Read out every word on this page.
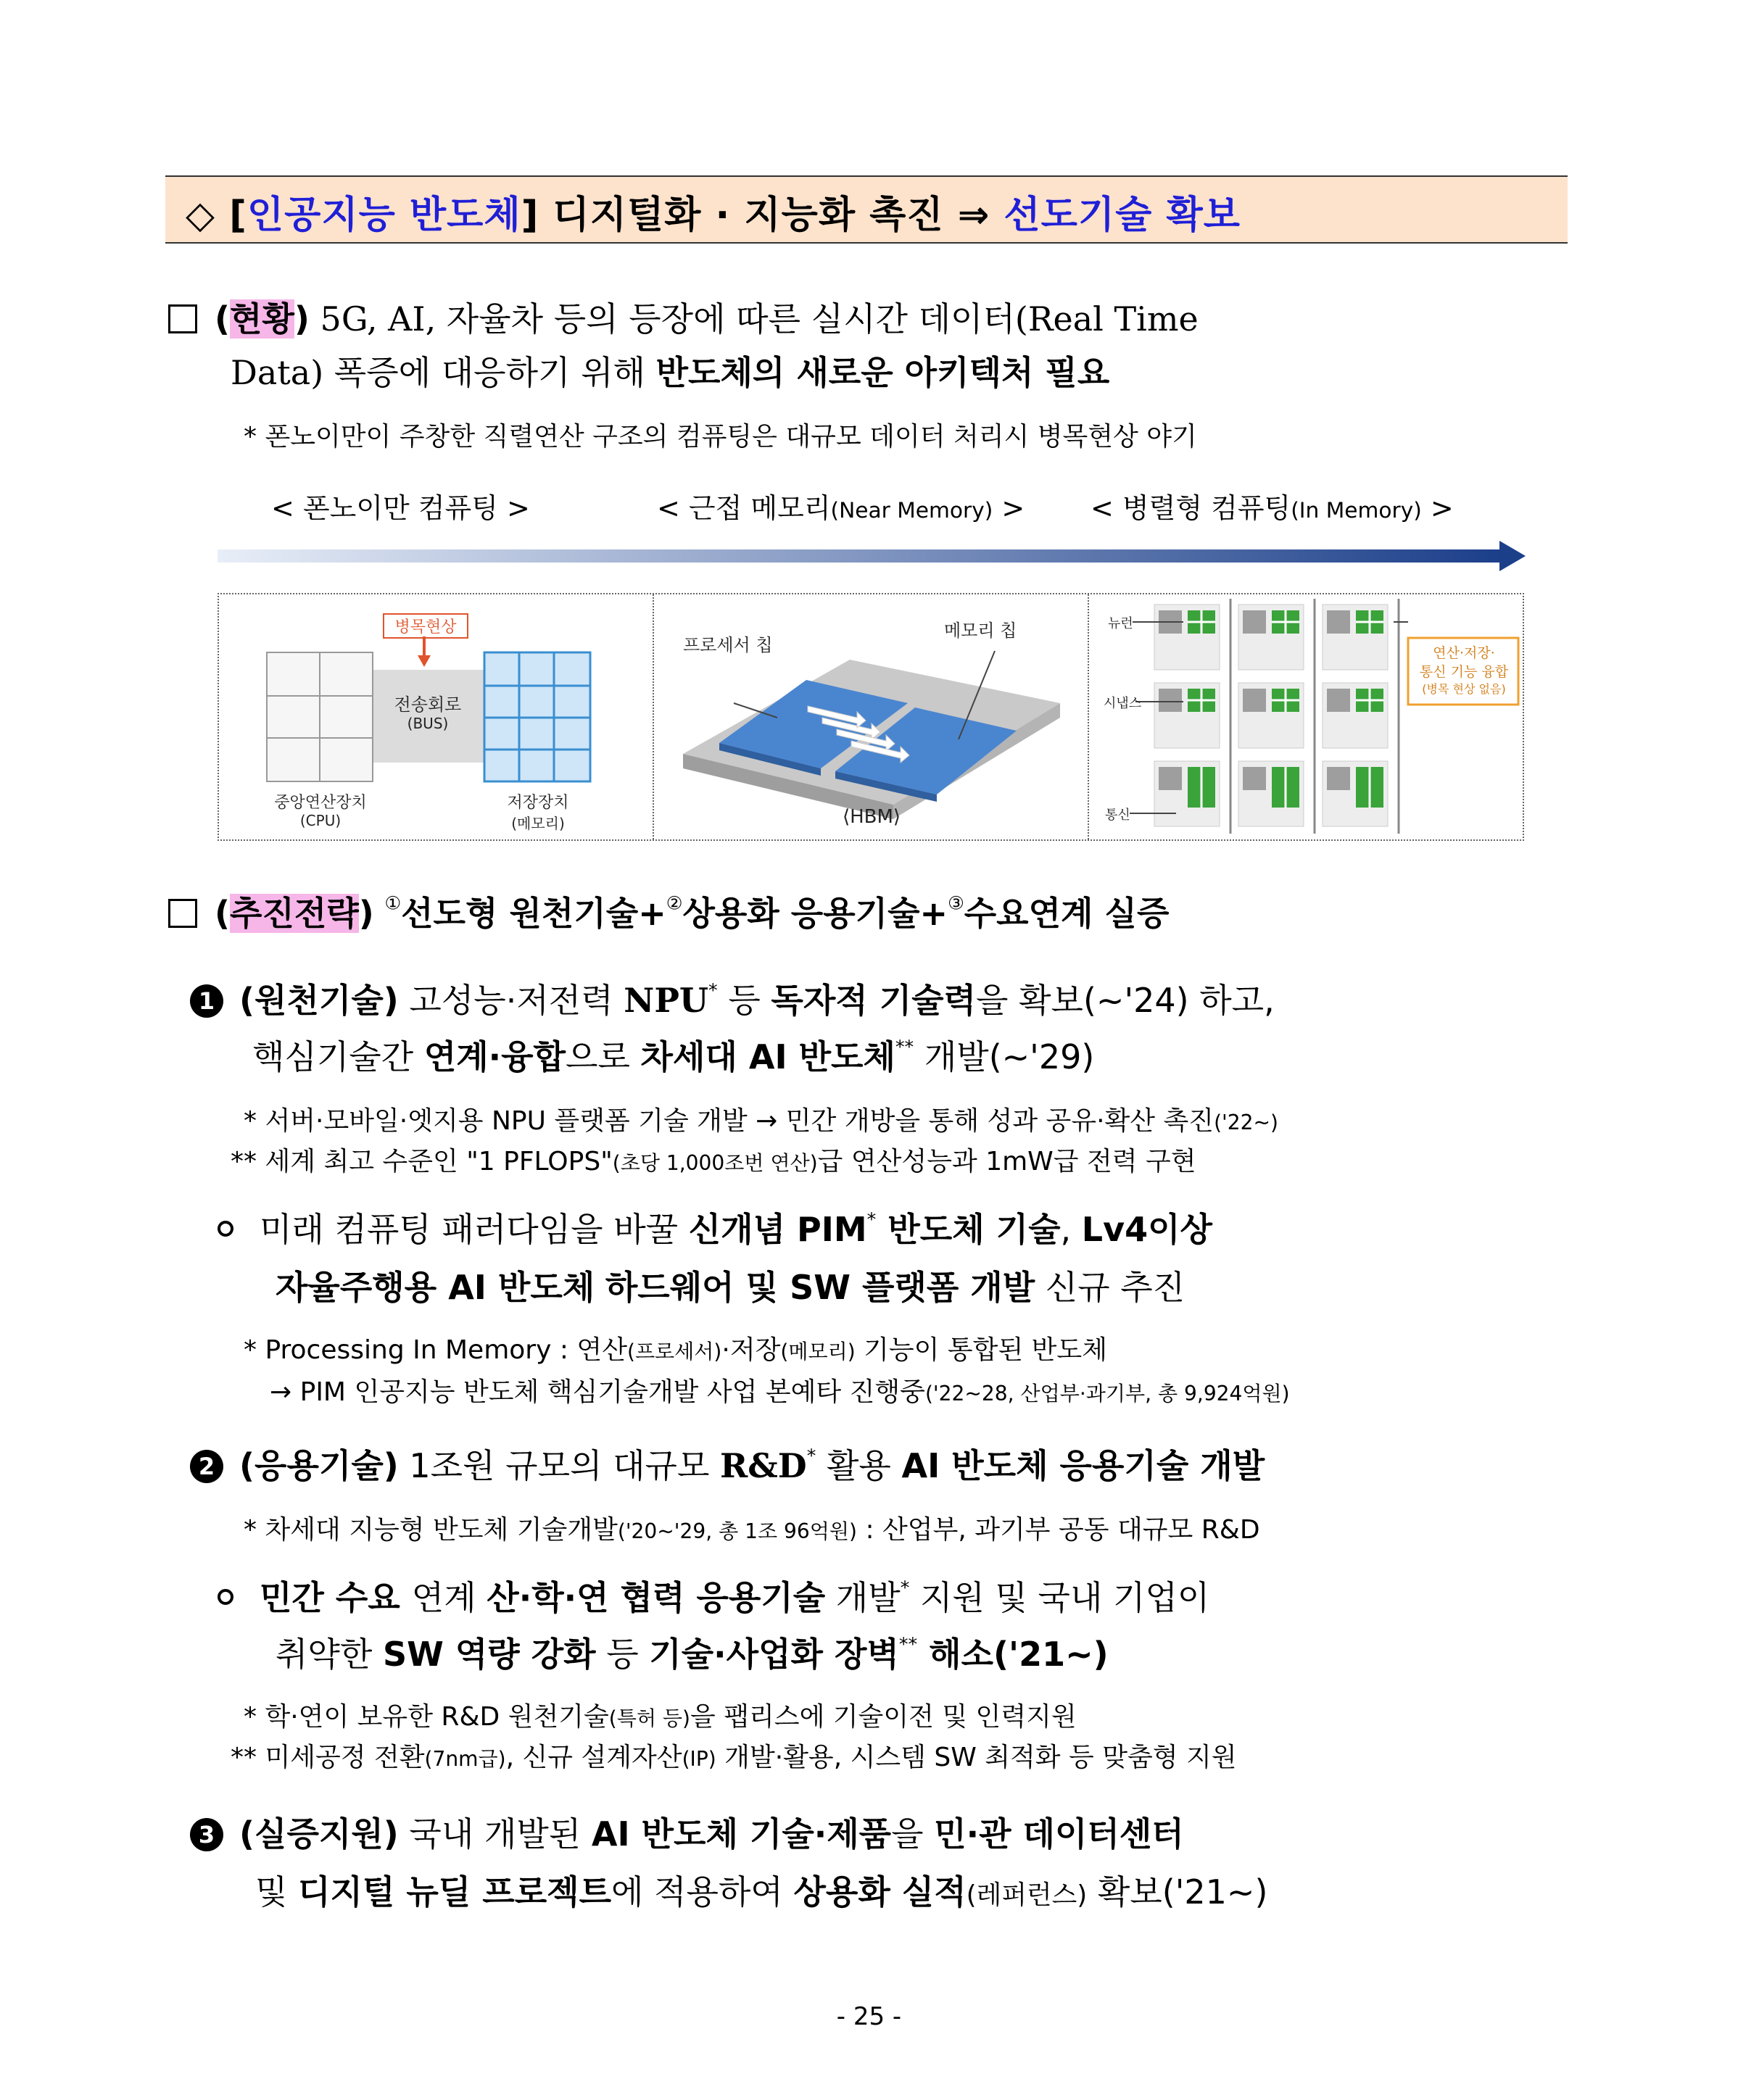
◇ [인공지능 반도체] 디지털화 · 지능화 촉진 ⇒ 선도기술 확보
(현황) 5G, AI, 자율차 등의 등장에 따른 실시간 데이터(Real Time
Data) 폭증에 대응하기 위해 반도체의 새로운 아키텍처 필요
* 폰노이만이 주창한 직렬연산 구조의 컴퓨팅은 대규모 데이터 처리시 병목현상 야기
< 폰노이만 컴퓨팅 >	< 근접 메모리(Near Memory) > < 병렬형 컴퓨팅(In Memory) >
병목현상
전송회로
(BUS)
중앙연산장치
(CPU)
저장장치
(메모리)
프로세서 칩
메모리 칩
⟨HBM⟩
뉴런
시냅스
통신
연산·저장·
통신 기능 융합
(병목 현상 없음)
(추진전략) ①선도형 원천기술+②상용화 응용기술+③수요연계 실증
1 (원천기술) 고성능·저전력 NPU* 등 독자적 기술력을 확보(~'24) 하고,
핵심기술간 연계·융합으로 차세대 AI 반도체** 개발(~'29)
* 서버·모바일·엣지용 NPU 플랫폼 기술 개발 → 민간 개방을 통해 성과 공유·확산 촉진('22~)
** 세계 최고 수준인 "1 PFLOPS"(초당 1,000조번 연산)급 연산성능과 1mW급 전력 구현
미래 컴퓨팅 패러다임을 바꿀 신개념 PIM* 반도체 기술, Lv4이상
자율주행용 AI 반도체 하드웨어 및 SW 플랫폼 개발 신규 추진
* Processing In Memory : 연산(프로세서)·저장(메모리) 기능이 통합된 반도체
→ PIM 인공지능 반도체 핵심기술개발 사업 본예타 진행중('22~28, 산업부·과기부, 총 9,924억원)
2 (응용기술) 1조원 규모의 대규모 R&D* 활용 AI 반도체 응용기술 개발
* 차세대 지능형 반도체 기술개발('20~'29, 총 1조 96억원) : 산업부, 과기부 공동 대규모 R&D
민간 수요 연계 산·학·연 협력 응용기술 개발* 지원 및 국내 기업이
취약한 SW 역량 강화 등 기술·사업화 장벽** 해소('21~)
* 학·연이 보유한 R&D 원천기술(특허 등)을 팹리스에 기술이전 및 인력지원
** 미세공정 전환(7nm급), 신규 설계자산(IP) 개발·활용, 시스템 SW 최적화 등 맞춤형 지원
3 (실증지원) 국내 개발된 AI 반도체 기술·제품을 민·관 데이터센터
및 디지털 뉴딜 프로젝트에 적용하여 상용화 실적(레퍼런스) 확보('21~)
- 25 -
